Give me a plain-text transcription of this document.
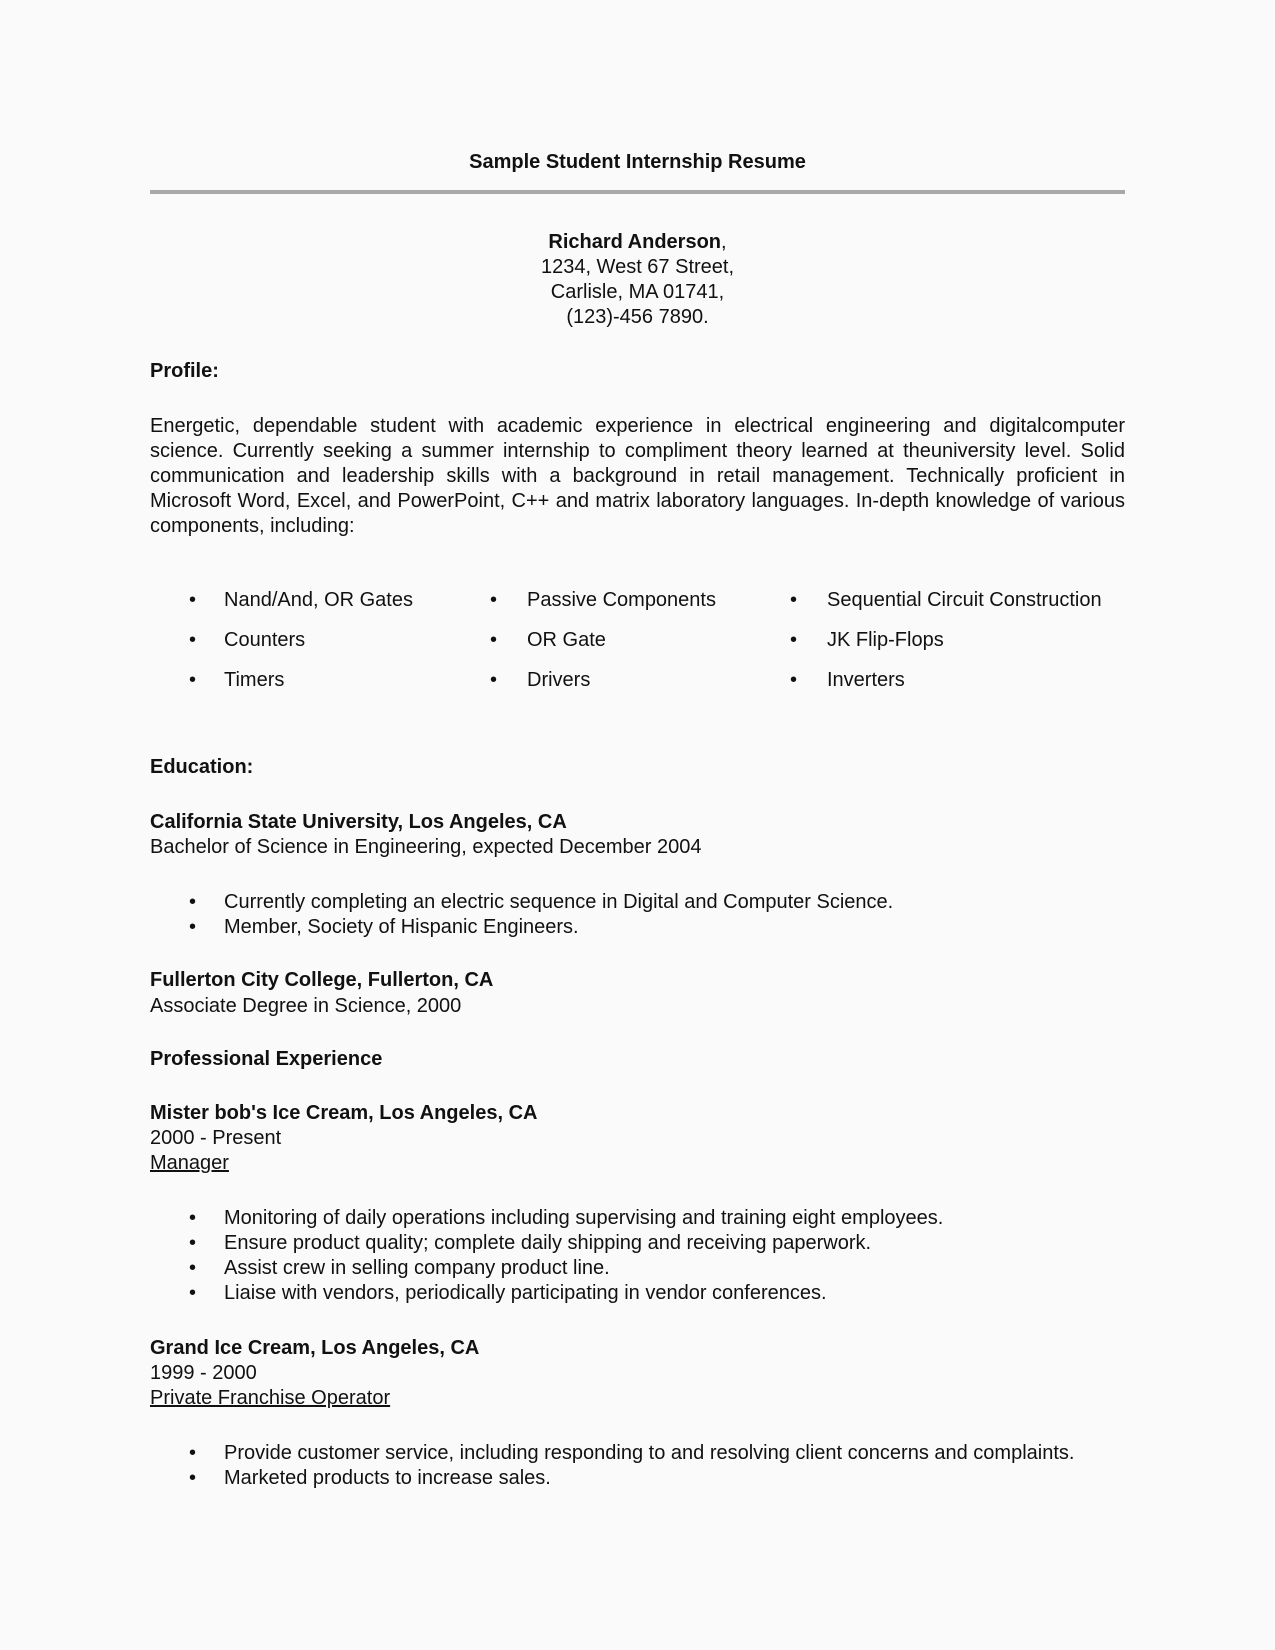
Sample Student Internship Resume
Richard Anderson,
1234, West 67 Street,
Carlisle, MA 01741,
(123)-456 7890.
Profile:
Energetic, dependable student with academic experience in electrical engineering and digitalcomputer science. Currently seeking a summer internship to compliment theory learned at theuniversity level. Solid communication and leadership skills with a background in retail management. Technically proficient in Microsoft Word, Excel, and PowerPoint, C++ and matrix laboratory languages. In-depth knowledge of various components, including:
• Nand/And, OR Gates	• Passive Components	• Sequential Circuit Construction
• Counters	• OR Gate	• JK Flip-Flops
• Timers	• Drivers	• Inverters
Education:
California State University, Los Angeles, CA
Bachelor of Science in Engineering, expected December 2004
• Currently completing an electric sequence in Digital and Computer Science.
• Member, Society of Hispanic Engineers.
Fullerton City College, Fullerton, CA
Associate Degree in Science, 2000
Professional Experience
Mister bob's Ice Cream, Los Angeles, CA
2000 - Present
Manager
• Monitoring of daily operations including supervising and training eight employees.
• Ensure product quality; complete daily shipping and receiving paperwork.
• Assist crew in selling company product line.
• Liaise with vendors, periodically participating in vendor conferences.
Grand Ice Cream, Los Angeles, CA
1999 - 2000
Private Franchise Operator
• Provide customer service, including responding to and resolving client concerns and complaints.
• Marketed products to increase sales.
